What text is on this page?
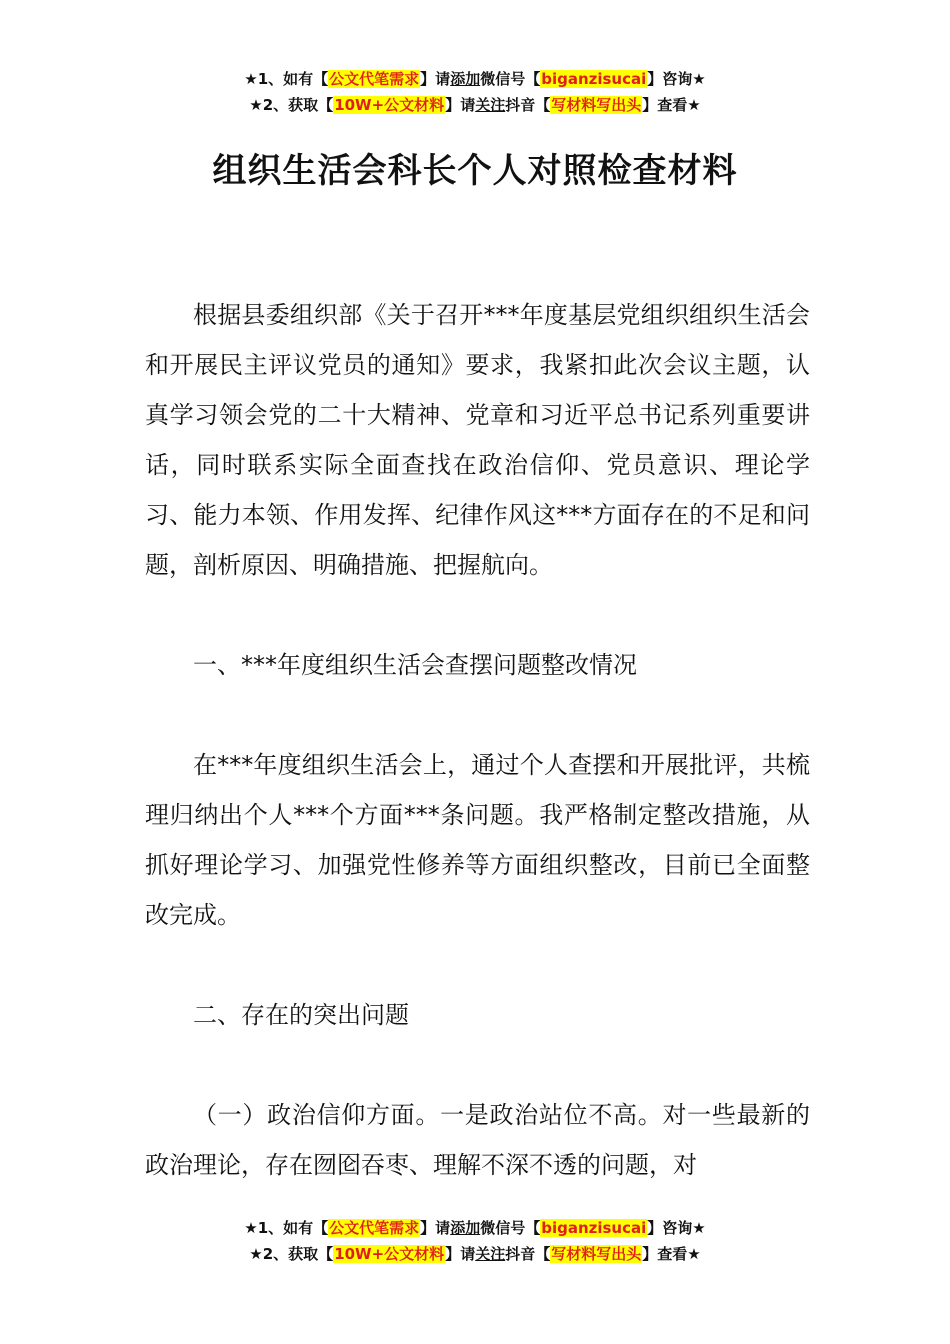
★1、如有【公文代笔需求】请添加微信号【biganzisucai】咨询★
★2、获取【10W+公文材料】请关注抖音【写材料写出头】查看★
组织生活会科长个人对照检查材料

根据县委组织部《关于召开***年度基层党组织组织生活会和开展民主评议党员的通知》要求，我紧扣此次会议主题，认真学习领会党的二十大精神、党章和习近平总书记系列重要讲话，同时联系实际全面查找在政治信仰、党员意识、理论学习、能力本领、作用发挥、纪律作风这***方面存在的不足和问题，剖析原因、明确措施、把握航向。

一、***年度组织生活会查摆问题整改情况

在***年度组织生活会上，通过个人查摆和开展批评，共梳理归纳出个人***个方面***条问题。我严格制定整改措施，从抓好理论学习、加强党性修养等方面组织整改，目前已全面整改完成。

二、存在的突出问题

（一）政治信仰方面。一是政治站位不高。对一些最新的政治理论，存在囫囵吞枣、理解不深不透的问题，对

★1、如有【公文代笔需求】请添加微信号【biganzisucai】咨询★
★2、获取【10W+公文材料】请关注抖音【写材料写出头】查看★
